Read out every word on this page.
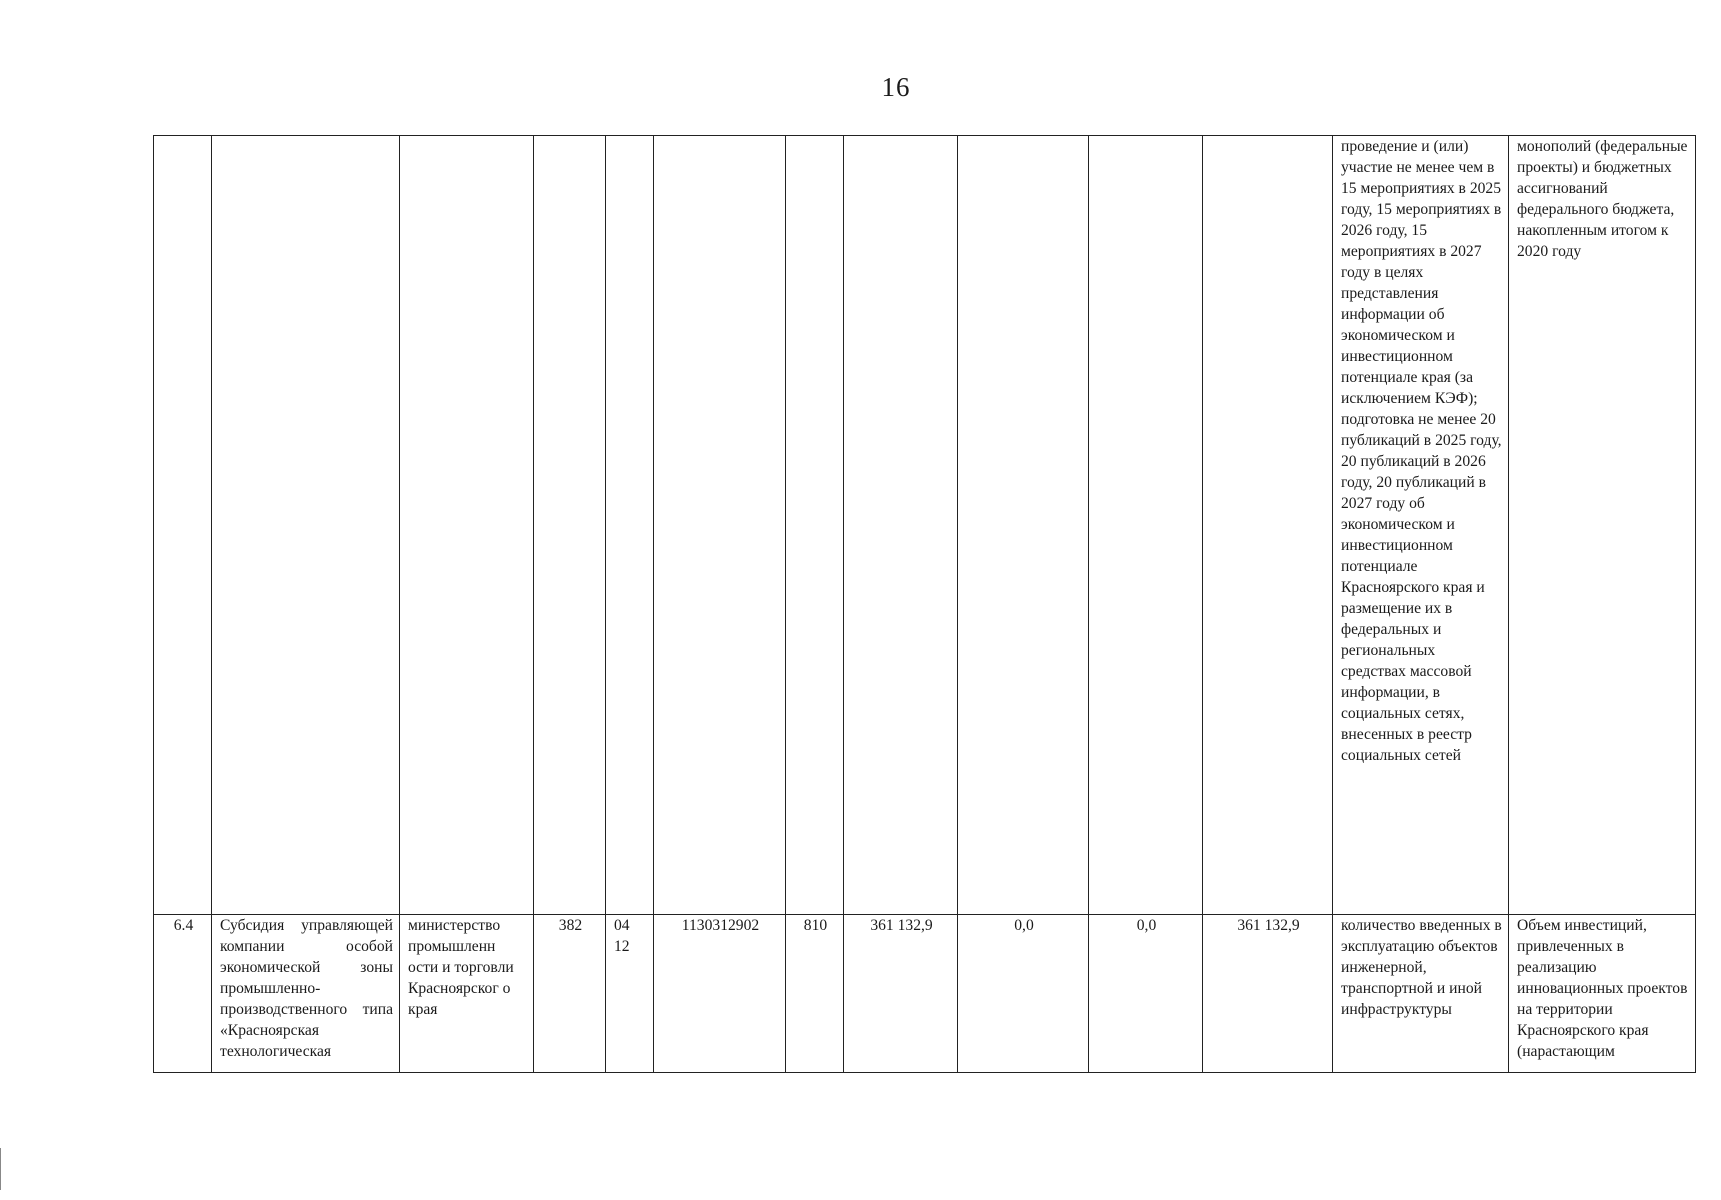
16
											проведение и (или) участие не менее чем в 15 мероприятиях в 2025 году, 15 мероприятиях в 2026 году, 15 мероприятиях в 2027 году в целях представления информации об экономическом и инвестиционном потенциале края (за исключением КЭФ); подготовка не менее 20 публикаций в 2025 году, 20 публикаций в 2026 году, 20 публикаций в 2027 году об экономическом и инвестиционном потенциале Красноярского края и размещение их в федеральных и региональных средствах массовой информации, в социальных сетях, внесенных в реестр социальных сетей	монополий (федеральные проекты) и бюджетных ассигнований федерального бюджета, накопленным итогом к 2020 году
6.4	Субсидия управляющей компании особой экономической зоны промышленно-производственного типа «Красноярская технологическая	министерство промышленн ости и торговли Красноярског о края	382	04 12	1130312902	810	361 132,9	0,0	0,0	361 132,9	количество введенных в эксплуатацию объектов инженерной, транспортной и иной инфраструктуры	Объем инвестиций, привлеченных в реализацию инновационных проектов на территории Красноярского края (нарастающим
